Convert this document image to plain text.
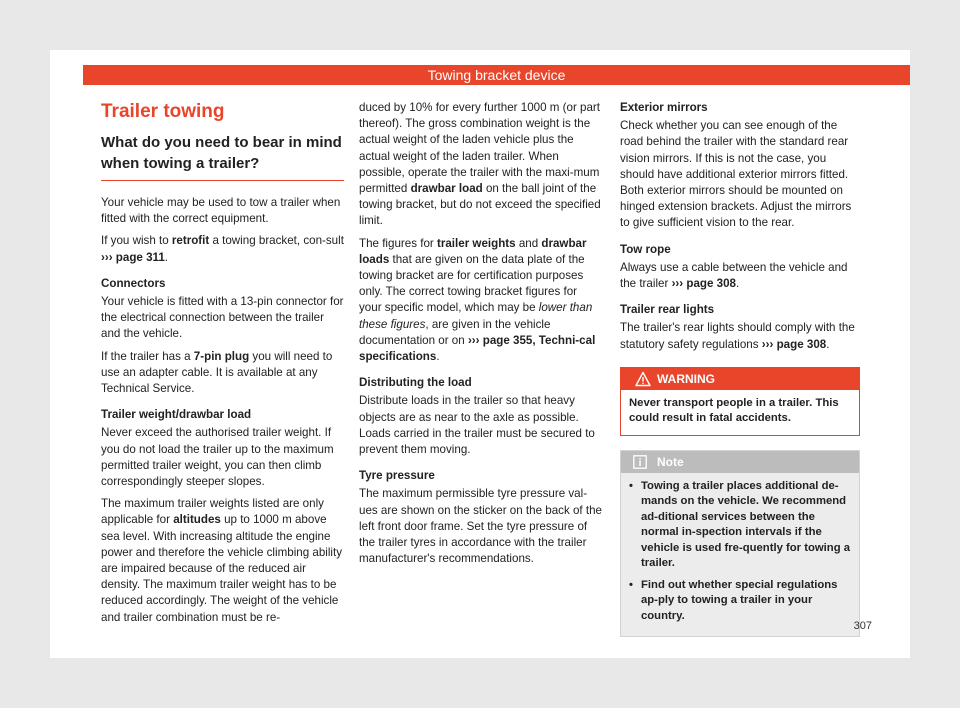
Towing bracket device
Trailer towing
What do you need to bear in mind when towing a trailer?

Your vehicle may be used to tow a trailer when fitted with the correct equipment.

If you wish to retrofit a towing bracket, con-sult ››› page 311.

Connectors

Your vehicle is fitted with a 13-pin connector for the electrical connection between the trailer and the vehicle.

If the trailer has a 7-pin plug you will need to use an adapter cable. It is available at any Technical Service.

Trailer weight/drawbar load

Never exceed the authorised trailer weight. If you do not load the trailer up to the maximum permitted trailer weight, you can then climb correspondingly steeper slopes.

The maximum trailer weights listed are only applicable for altitudes up to 1000 m above sea level. With increasing altitude the engine power and therefore the vehicle climbing ability are impaired because of the reduced air density. The maximum trailer weight has to be reduced accordingly. The weight of the vehicle and trailer combination must be re-

duced by 10% for every further 1000 m (or part thereof). The gross combination weight is the actual weight of the laden vehicle plus the actual weight of the laden trailer. When possible, operate the trailer with the maxi-mum permitted drawbar load on the ball joint of the towing bracket, but do not exceed the specified limit.

The figures for trailer weights and drawbar loads that are given on the data plate of the towing bracket are for certification purposes only. The correct towing bracket figures for your specific model, which may be lower than these figures, are given in the vehicle documentation or on ››› page 355, Techni-cal specifications.

Distributing the load

Distribute loads in the trailer so that heavy objects are as near to the axle as possible. Loads carried in the trailer must be secured to prevent them moving.

Tyre pressure

The maximum permissible tyre pressure val-ues are shown on the sticker on the back of the left front door frame. Set the tyre pressure of the trailer tyres in accordance with the trailer manufacturer's recommendations.

Exterior mirrors

Check whether you can see enough of the road behind the trailer with the standard rear vision mirrors. If this is not the case, you should have additional exterior mirrors fitted. Both exterior mirrors should be mounted on hinged extension brackets. Adjust the mirrors to give sufficient vision to the rear.

Tow rope

Always use a cable between the vehicle and the trailer ››› page 308.

Trailer rear lights

The trailer's rear lights should comply with the statutory safety regulations ››› page 308.

WARNING
Never transport people in a trailer. This could result in fatal accidents.
Note
• Towing a trailer places additional de-mands on the vehicle. We recommend ad-ditional services between the normal in-spection intervals if the vehicle is used fre-quently for towing a trailer.
• Find out whether special regulations ap-ply to towing a trailer in your country.
307
